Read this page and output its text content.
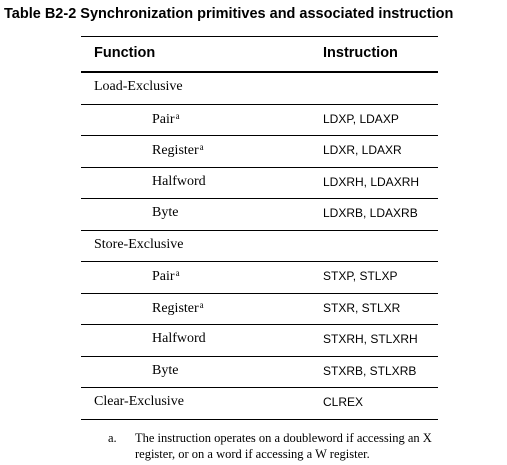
Table B2-2 Synchronization primitives and associated instruction
Function	Instruction
Load-Exclusive
Pair$^a$	LDXP, LDAXP
Register$^a$	LDXR, LDAXR
Halfword	LDXRH, LDAXRH
Byte	LDXRB, LDAXRB
Store-Exclusive
Pair$^a$	STXP, STLXP
Register$^a$	STXR, STLXR
Halfword	STXRH, STLXRH
Byte	STXRB, STLXRB
Clear-Exclusive	CLREX
a. The instruction operates on a doubleword if accessing an X register, or on a word if accessing a W register.
